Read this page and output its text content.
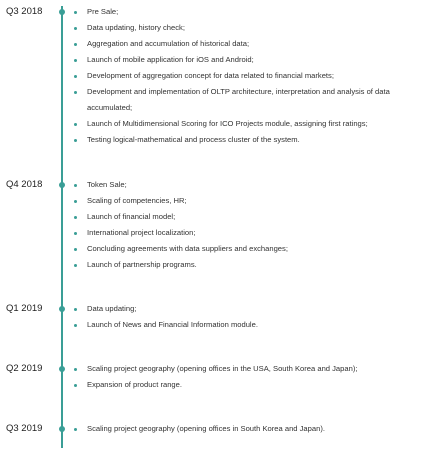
Q3 2018	Pre Sale;
Data updating, history check;
Aggregation and accumulation of historical data;
Launch of mobile application for iOS and Android;
Development of aggregation concept for data related to financial markets;
Development and implementation of OLTP architecture, interpretation and analysis of data accumulated;
Launch of Multidimensional Scoring for ICO Projects module, assigning first ratings;
Testing logical-mathematical and process cluster of the system.
Q4 2018	Token Sale;
Scaling of competencies, HR;
Launch of financial model;
International project localization;
Concluding agreements with data suppliers and exchanges;
Launch of partnership programs.
Q1 2019	Data updating;
Launch of News and Financial Information module.
Q2 2019	Scaling project geography (opening offices in the USA, South Korea and Japan);
Expansion of product range.
Q3 2019	Scaling project geography (opening offices in South Korea and Japan).
